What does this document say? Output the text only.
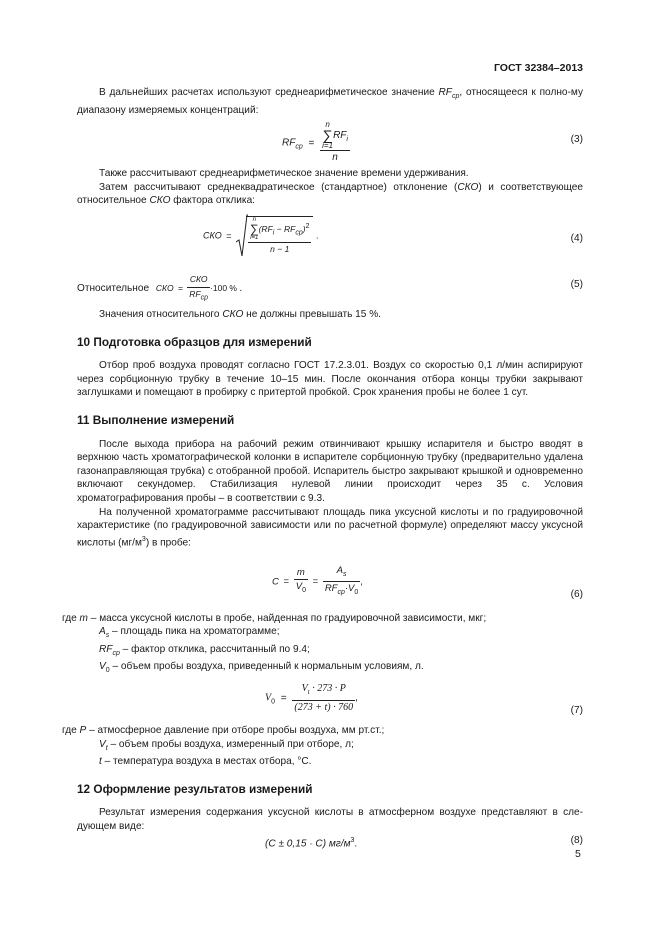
ГОСТ 32384–2013

В дальнейших расчетах используют среднеарифметическое значение $RF_{ср}$, относящееся к полно-му диапазону измеряемых концентраций:

$RF_{ср} = n$
∑
i=1
$RF_i$
n	(3)

Также рассчитывают среднеарифметическое значение времени удерживания.

Затем рассчитывают среднеквадратическое (стандартное) отклонение (СКО) и соответствующее относительное СКО фактора отклика:

СКО =
n
∑
i=1
$(RF_i - RF_{ср})^2$
n − 1
.	(4)
Относительное СКО = $\frac{\text{СКО}}{RF_{ср}} \cdot 100$ % .	(5)

Значения относительного СКО не должны превышать 15 %.

10 Подготовка образцов для измерений

Отбор проб воздуха проводят согласно ГОСТ 17.2.3.01. Воздух со скоростью 0,1 л/мин аспирируют через сорбционную трубку в течение 10–15 мин. После окончания отбора концы трубки закрывают заглушками и помещают в пробирку с притертой пробкой. Срок хранения пробы не более 1 сут.

11 Выполнение измерений

После выхода прибора на рабочий режим отвинчивают крышку испарителя и быстро вводят в верхнюю часть хроматографической колонки в испарителе сорбционную трубку (предварительно удалена газонаправляющая трубка) с отобранной пробой. Испаритель быстро закрывают крышкой и одновременно включают секундомер. Стабилизация нулевой линии происходит через 35 с. Условия хроматографирования пробы – в соответствии с 9.3.

На полученной хроматограмме рассчитывают площадь пика уксусной кислоты и по градуировочной характеристике (по градуировочной зависимости или по расчетной формуле) определяют массу уксусной кислоты $(мг/м^3)$ в пробе:

$C = \frac{m}{V_0} = \frac{A_s}{RF_{ср}\cdot V_0}$ ,
(6)

где m – масса уксусной кислоты в пробе, найденная по градуировочной зависимости, мкг;

$A_s$ – площадь пика на хроматограмме;

$RF_{ср}$ – фактор отклика, рассчитанный по 9.4;

$V_0$ – объем пробы воздуха, приведенный к нормальным условиям, л.

$V_0 = \frac{V_t \cdot 273 \cdot P}{(273 + t) \cdot 760}$ ,
(7)

где P – атмосферное давление при отборе пробы воздуха, мм рт.ст.;

$V_t$ – объем пробы воздуха, измеренный при отборе, л;

t – температура воздуха в местах отбора, °С.

12 Оформление результатов измерений

Результат измерения содержания уксусной кислоты в атмосферном воздухе представляют в сле-дующем виде:

(C ± 0,15 · C) $мг/м^3$.	(8)
5
